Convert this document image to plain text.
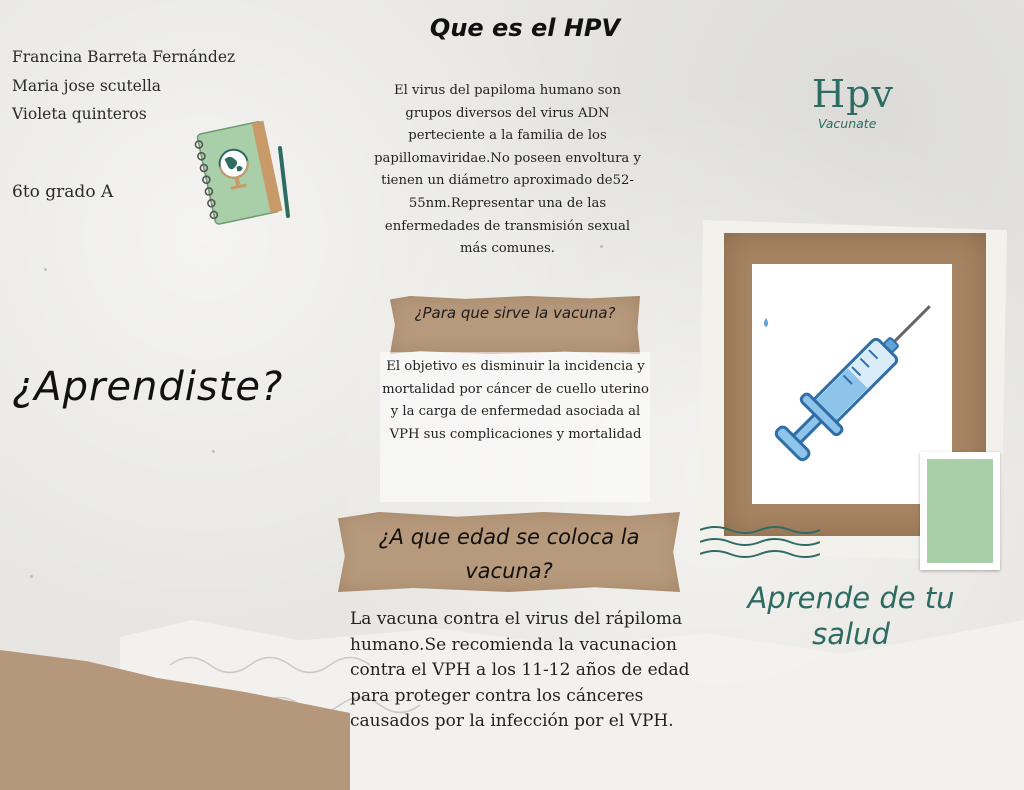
Francina Barreta Fernández
Maria jose scutella
Violeta quinteros
6to grado A
¿Aprendiste?
Que es el HPV
El virus del papiloma humano son grupos diversos del virus ADN perteciente a la familia de los papillomaviridae.No poseen envoltura y tienen un diámetro aproximado de52-55nm.Representar una de las enfermedades de transmisión sexual más comunes.
¿Para que sirve la vacuna?
El objetivo es disminuir la incidencia y mortalidad por cáncer de cuello uterino y la carga de enfermedad asociada al VPH sus complicaciones y mortalidad
¿A que edad se coloca la vacuna?
La vacuna contra el virus del rápiloma humano.Se recomienda la vacunacion contra el VPH a los 11-12 años de edad para proteger contra los cánceres causados por la infección por el VPH.
Hpv
Vacunate
Aprende de tu salud
